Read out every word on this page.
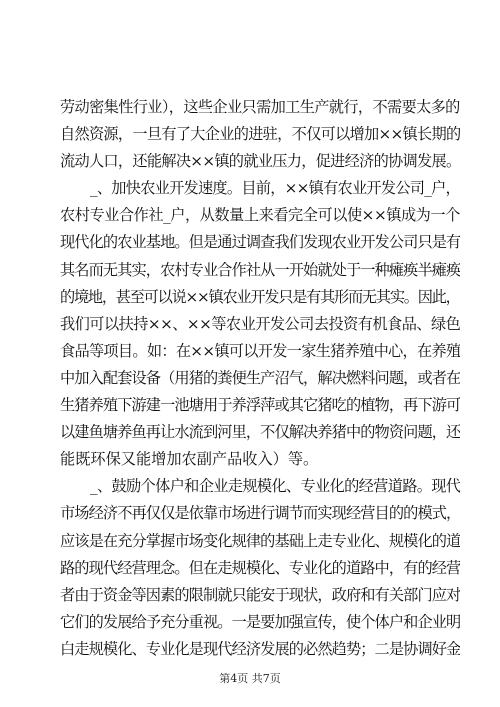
劳动密集性行业），这些企业只需加工生产就行，不需要太多的
自然资源，一旦有了大企业的进驻，不仅可以增加××镇长期的
流动人口，还能解决××镇的就业压力，促进经济的协调发展。
_、加快农业开发速度。目前，××镇有农业开发公司_户，
农村专业合作社_户，从数量上来看完全可以使××镇成为一个
现代化的农业基地。但是通过调查我们发现农业开发公司只是有
其名而无其实，农村专业合作社从一开始就处于一种瘫痪半瘫痪
的境地，甚至可以说××镇农业开发只是有其形而无其实。因此，
我们可以扶持××、××等农业开发公司去投资有机食品、绿色
食品等项目。如：在××镇可以开发一家生猪养殖中心，在养殖
中加入配套设备（用猪的粪便生产沼气，解决燃料问题，或者在
生猪养殖下游建一池塘用于养浮萍或其它猪吃的植物，再下游可
以建鱼塘养鱼再让水流到河里，不仅解决养猪中的物资问题，还
能既环保又能增加农副产品收入）等。
_、鼓励个体户和企业走规模化、专业化的经营道路。现代
市场经济不再仅仅是依靠市场进行调节而实现经营目的的模式，
应该是在充分掌握市场变化规律的基础上走专业化、规模化的道
路的现代经营理念。但在走规模化、专业化的道路中，有的经营
者由于资金等因素的限制就只能安于现状，政府和有关部门应对
它们的发展给予充分重视。一是要加强宣传，使个体户和企业明
白走规模化、专业化是现代经济发展的必然趋势；二是协调好金
第4页 共7页
